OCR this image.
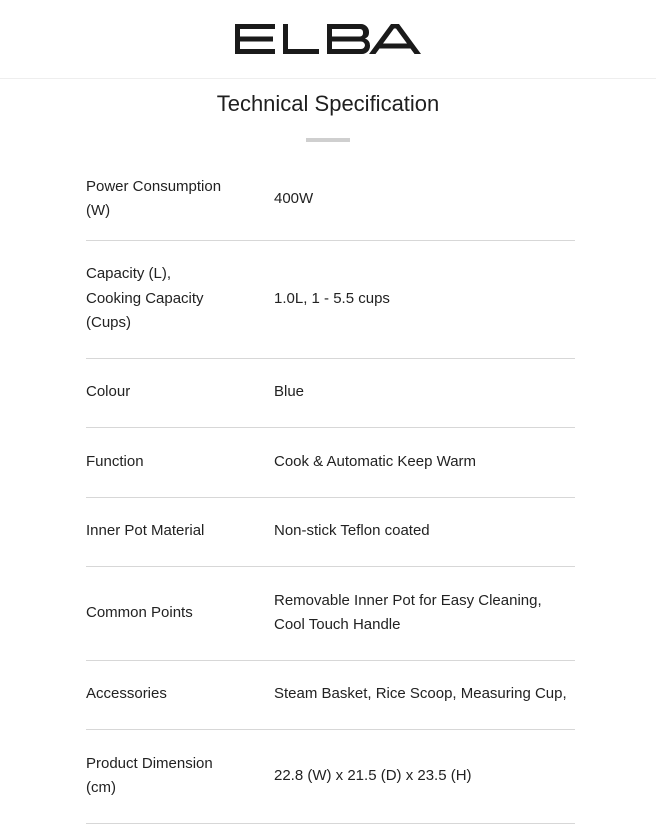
Technical Specification
Power Consumption
(W)	400W

Capacity (L),
Cooking Capacity
(Cups)	1.0L, 1 - 5.5 cups

Colour	Blue

Function	Cook & Automatic Keep Warm

Inner Pot Material	Non-stick Teflon coated

Common Points	Removable Inner Pot for Easy Cleaning,
Cool Touch Handle

Accessories	Steam Basket, Rice Scoop, Measuring Cup,

Product Dimension
(cm)	22.8 (W) x 21.5 (D) x 23.5 (H)
